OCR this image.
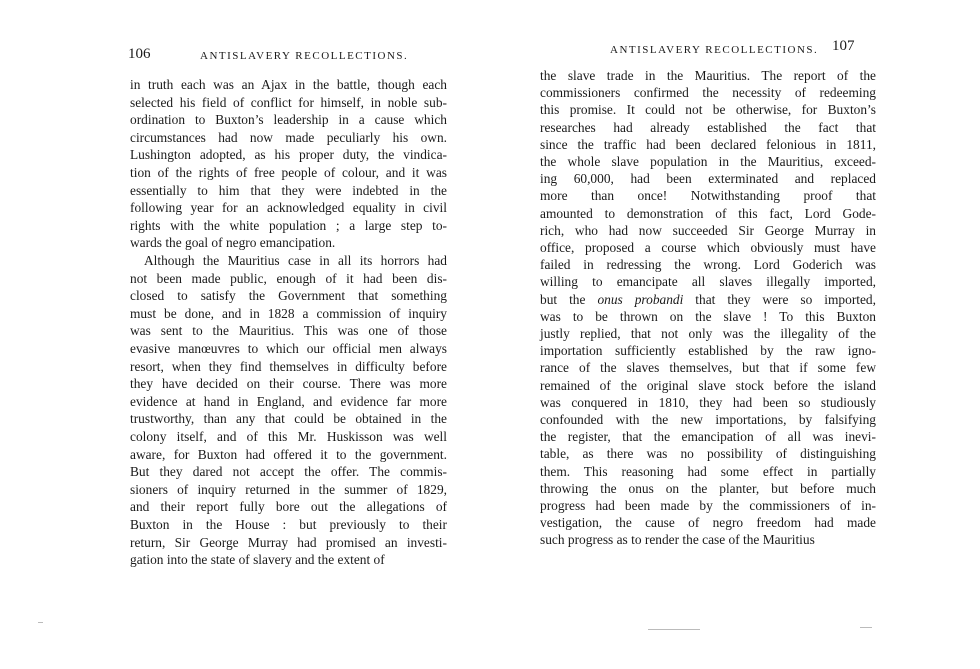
106	ANTISLAVERY RECOLLECTIONS.
in truth each was an Ajax in the battle, though each
selected his field of conflict for himself, in noble sub-
ordination to Buxton’s leadership in a cause which
circumstances had now made peculiarly his own.
Lushington adopted, as his proper duty, the vindica-
tion of the rights of free people of colour, and it was
essentially to him that they were indebted in the
following year for an acknowledged equality in civil
rights with the white population ; a large step to-
wards the goal of negro emancipation.
Although the Mauritius case in all its horrors had
not been made public, enough of it had been dis-
closed to satisfy the Government that something
must be done, and in 1828 a commission of inquiry
was sent to the Mauritius. This was one of those
evasive manœuvres to which our official men always
resort, when they find themselves in difficulty before
they have decided on their course. There was more
evidence at hand in England, and evidence far more
trustworthy, than any that could be obtained in the
colony itself, and of this Mr. Huskisson was well
aware, for Buxton had offered it to the government.
But they dared not accept the offer. The commis-
sioners of inquiry returned in the summer of 1829,
and their report fully bore out the allegations of
Buxton in the House : but previously to their
return, Sir George Murray had promised an investi-
gation into the state of slavery and the extent of
ANTISLAVERY RECOLLECTIONS. 107
the slave trade in the Mauritius. The report of the
commissioners confirmed the necessity of redeeming
this promise. It could not be otherwise, for Buxton’s
researches had already established the fact that
since the traffic had been declared felonious in 1811,
the whole slave population in the Mauritius, exceed-
ing 60,000, had been exterminated and replaced
more than once! Notwithstanding proof that
amounted to demonstration of this fact, Lord Gode-
rich, who had now succeeded Sir George Murray in
office, proposed a course which obviously must have
failed in redressing the wrong. Lord Goderich was
willing to emancipate all slaves illegally imported,
but the onus probandi that they were so imported,
was to be thrown on the slave ! To this Buxton
justly replied, that not only was the illegality of the
importation sufficiently established by the raw igno-
rance of the slaves themselves, but that if some few
remained of the original slave stock before the island
was conquered in 1810, they had been so studiously
confounded with the new importations, by falsifying
the register, that the emancipation of all was inevi-
table, as there was no possibility of distinguishing
them. This reasoning had some effect in partially
throwing the onus on the planter, but before much
progress had been made by the commissioners of in-
vestigation, the cause of negro freedom had made
such progress as to render the case of the Mauritius
